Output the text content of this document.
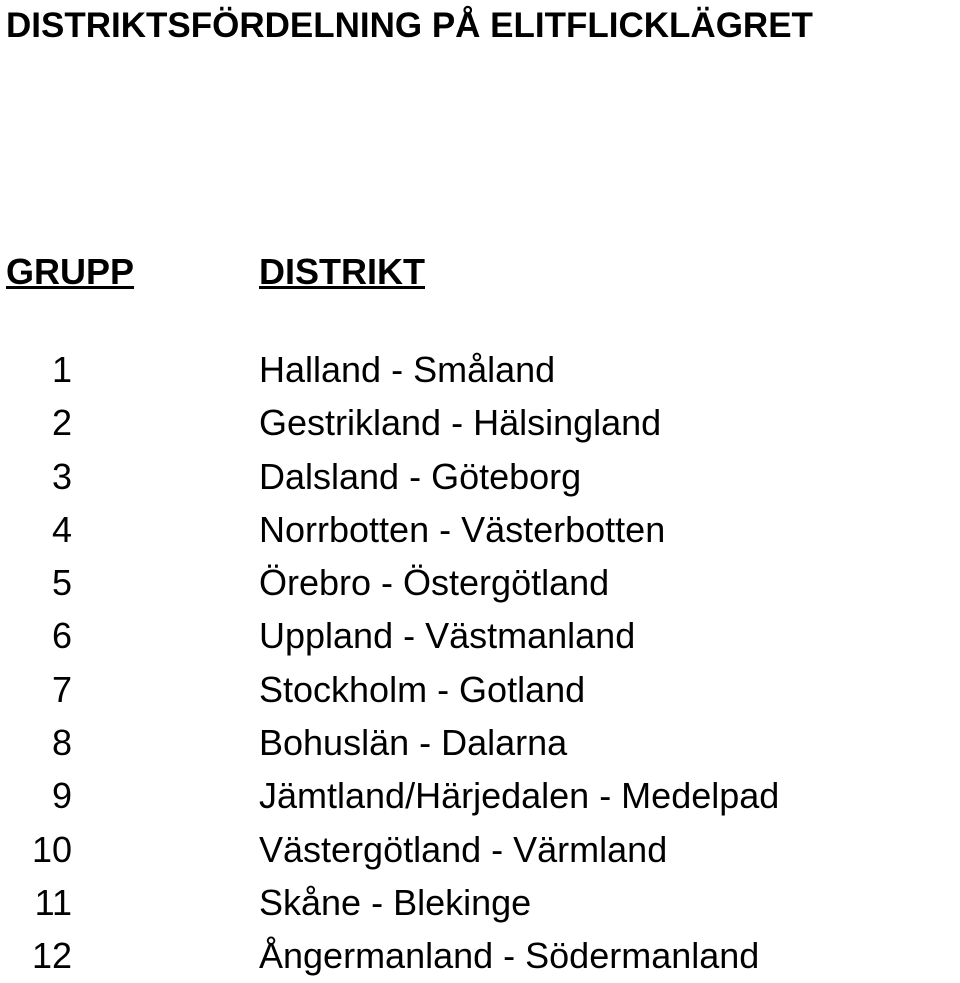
DISTRIKTSFÖRDELNING PÅ ELITFLICKLÄGRET
GRUPP	DISTRIKT
1	Halland - Småland
2	Gestrikland - Hälsingland
3	Dalsland - Göteborg
4	Norrbotten - Västerbotten
5	Örebro - Östergötland
6	Uppland - Västmanland
7	Stockholm - Gotland
8	Bohuslän - Dalarna
9	Jämtland/Härjedalen - Medelpad
10	Västergötland - Värmland
11	Skåne - Blekinge
12	Ångermanland - Södermanland
